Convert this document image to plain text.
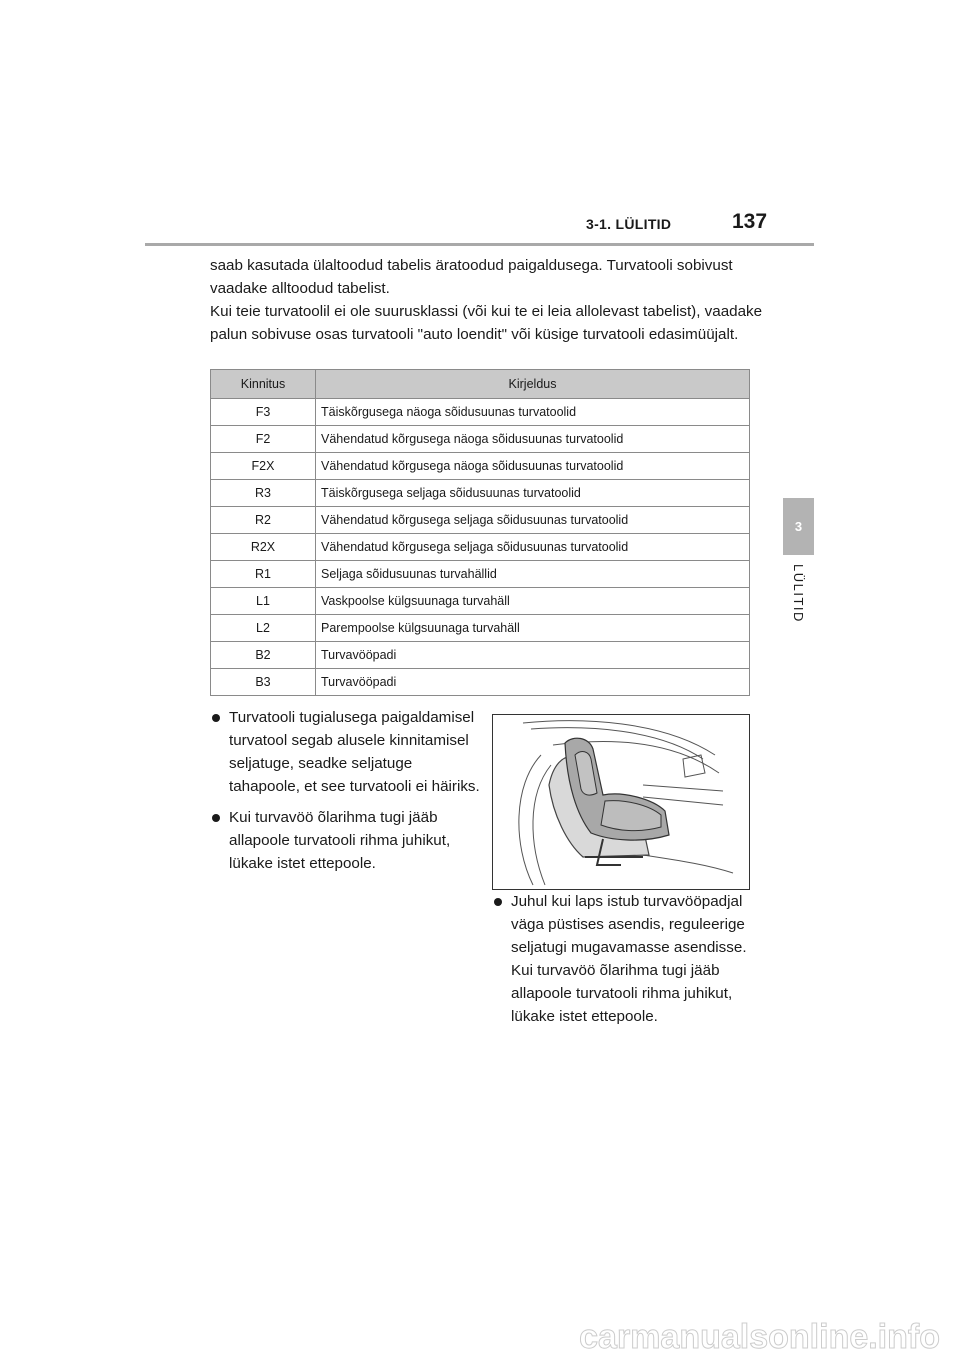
3-1. LÜLITID	137
3
LÜLITID

saab kasutada ülaltoodud tabelis äratoodud paigaldusega. Turvatooli sobivust vaadake alltoodud tabelist.

Kui teie turvatoolil ei ole suurusklassi (või kui te ei leia allolevast tabelist), vaadake palun sobivuse osas turvatooli "auto loendit" või küsige turvatooli edasimüüjalt.

Kinnitus	Kirjeldus
F3	Täiskõrgusega näoga sõidusuunas turvatoolid
F2	Vähendatud kõrgusega näoga sõidusuunas turvatoolid
F2X	Vähendatud kõrgusega näoga sõidusuunas turvatoolid
R3	Täiskõrgusega seljaga sõidusuunas turvatoolid
R2	Vähendatud kõrgusega seljaga sõidusuunas turvatoolid
R2X	Vähendatud kõrgusega seljaga sõidusuunas turvatoolid
R1	Seljaga sõidusuunas turvahällid
L1	Vaskpoolse külgsuunaga turvahäll
L2	Parempoolse külgsuunaga turvahäll
B2	Turvavööpadi
B3	Turvavööpadi
Turvatooli tugialusega paigaldamisel turvatool segab alusele kinnitamisel seljatuge, seadke seljatuge tahapoole, et see turvatooli ei häiriks.
Kui turvavöö õlarihma tugi jääb allapoole turvatooli rihma juhikut, lükake istet ettepoole.
Juhul kui laps istub turvavööpadjal väga püstises asendis, reguleerige seljatugi mugavamasse asendisse. Kui turvavöö õlarihma tugi jääb allapoole turvatooli rihma juhikut, lükake istet ettepoole.
carmanualsonline.info
